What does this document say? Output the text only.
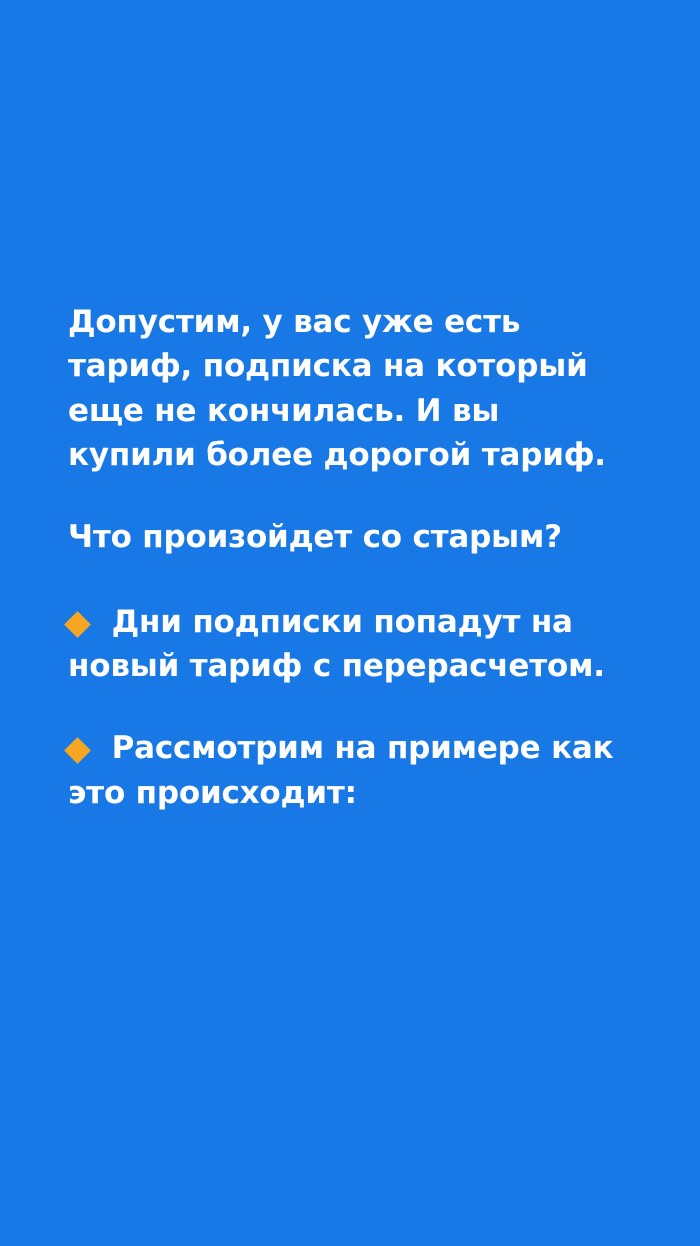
Допустим, у вас уже есть тариф, подписка на который еще не кончилась. И вы купили более дорогой тариф.

Что произойдет со старым?

Дни подписки попадут на новый тариф с перерасчетом.

Рассмотрим на примере как это происходит:
